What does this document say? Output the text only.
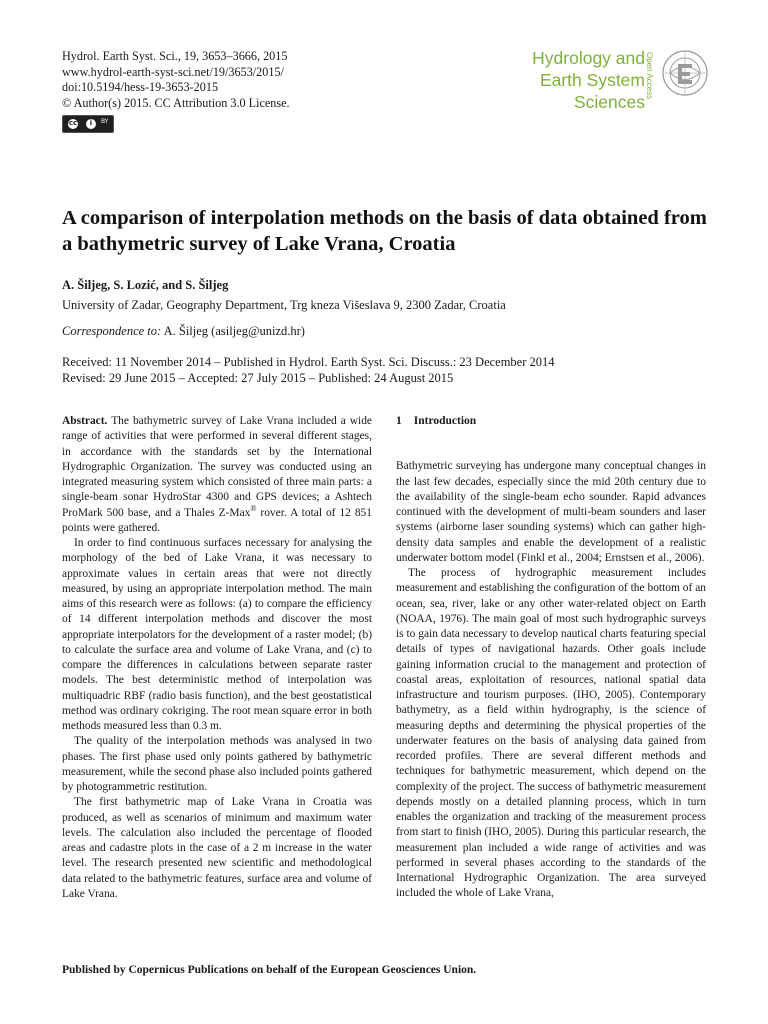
Hydrol. Earth Syst. Sci., 19, 3653–3666, 2015
www.hydrol-earth-syst-sci.net/19/3653/2015/
doi:10.5194/hess-19-3653-2015
© Author(s) 2015. CC Attribution 3.0 License.
cc	i	BY
Hydrology and
Earth System
Sciences
Open Access
A comparison of interpolation methods on the basis of data obtained from a bathymetric survey of Lake Vrana, Croatia
A. Šiljeg, S. Lozić, and S. Šiljeg
University of Zadar, Geography Department, Trg kneza Višeslava 9, 2300 Zadar, Croatia
Correspondence to: A. Šiljeg (asiljeg@unizd.hr)
Received: 11 November 2014 – Published in Hydrol. Earth Syst. Sci. Discuss.: 23 December 2014
Revised: 29 June 2015 – Accepted: 27 July 2015 – Published: 24 August 2015

Abstract. The bathymetric survey of Lake Vrana included a wide range of activities that were performed in several different stages, in accordance with the standards set by the International Hydrographic Organization. The survey was conducted using an integrated measuring system which consisted of three main parts: a single-beam sonar HydroStar 4300 and GPS devices; a Ashtech ProMark 500 base, and a Thales Z-Max® rover. A total of 12 851 points were gathered.

In order to find continuous surfaces necessary for analysing the morphology of the bed of Lake Vrana, it was necessary to approximate values in certain areas that were not directly measured, by using an appropriate interpolation method. The main aims of this research were as follows: (a) to compare the efficiency of 14 different interpolation methods and discover the most appropriate interpolators for the development of a raster model; (b) to calculate the surface area and volume of Lake Vrana, and (c) to compare the differences in calculations between separate raster models. The best deterministic method of interpolation was multiquadric RBF (radio basis function), and the best geostatistical method was ordinary cokriging. The root mean square error in both methods measured less than 0.3 m.

The quality of the interpolation methods was analysed in two phases. The first phase used only points gathered by bathymetric measurement, while the second phase also included points gathered by photogrammetric restitution.

The first bathymetric map of Lake Vrana in Croatia was produced, as well as scenarios of minimum and maximum water levels. The calculation also included the percentage of flooded areas and cadastre plots in the case of a 2 m increase in the water level. The research presented new scientific and methodological data related to the bathymetric features, surface area and volume of Lake Vrana.

1 Introduction

Bathymetric surveying has undergone many conceptual changes in the last few decades, especially since the mid 20th century due to the availability of the single-beam echo sounder. Rapid advances continued with the development of multi-beam sounders and laser systems (airborne laser sounding systems) which can gather high-density data samples and enable the development of a realistic underwater bottom model (Finkl et al., 2004; Ernstsen et al., 2006).

The process of hydrographic measurement includes measurement and establishing the configuration of the bottom of an ocean, sea, river, lake or any other water-related object on Earth (NOAA, 1976). The main goal of most such hydrographic surveys is to gain data necessary to develop nautical charts featuring special details of types of navigational hazards. Other goals include gaining information crucial to the management and protection of coastal areas, exploitation of resources, national spatial data infrastructure and tourism purposes. (IHO, 2005). Contemporary bathymetry, as a field within hydrography, is the science of measuring depths and determining the physical properties of the underwater features on the basis of analysing data gained from recorded profiles. There are several different methods and techniques for bathymetric measurement, which depend on the complexity of the project. The success of bathymetric measurement depends mostly on a detailed planning process, which in turn enables the organization and tracking of the measurement process from start to finish (IHO, 2005). During this particular research, the measurement plan included a wide range of activities and was performed in several phases according to the standards of the International Hydrographic Organization. The area surveyed included the whole of Lake Vrana,

Published by Copernicus Publications on behalf of the European Geosciences Union.
